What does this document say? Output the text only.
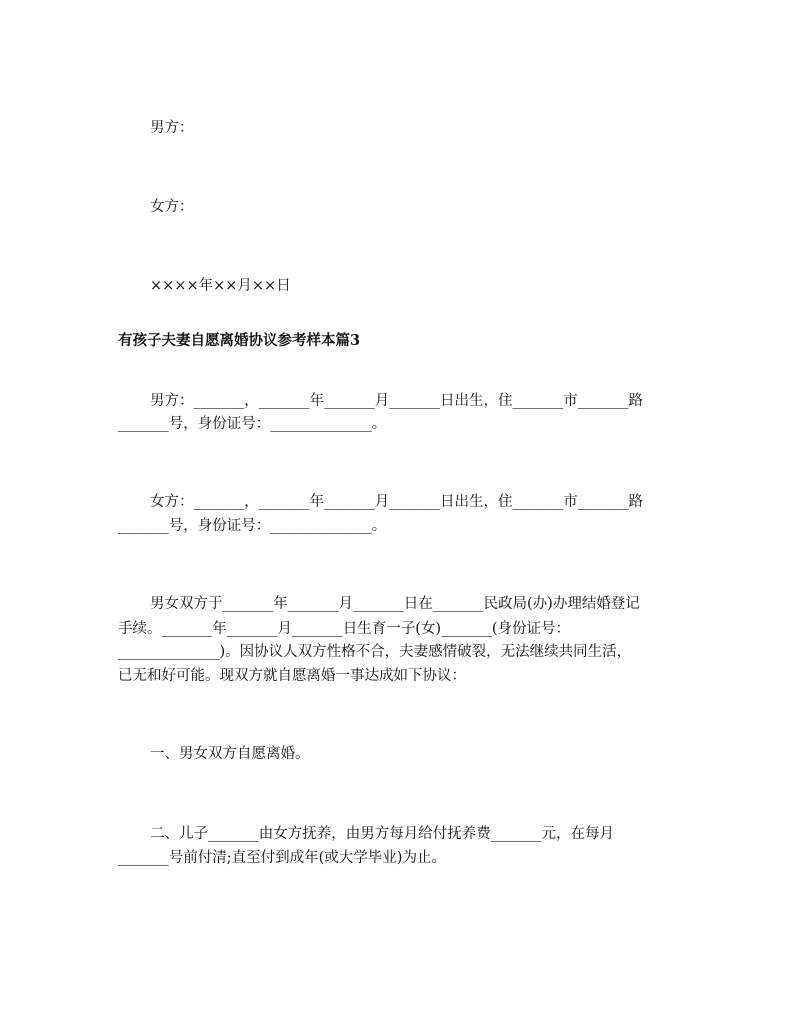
男方：
女方：
××××年××月××日
有孩子夫妻自愿离婚协议参考样本篇3
男方：_______，_______年_______月_______日出生，住_______市_______路
_______号，身份证号：______________。
女方：_______，_______年_______月_______日出生，住_______市_______路
_______号，身份证号：______________。
男女双方于_______年_______月_______日在_______民政局(办)办理结婚登记
手续。_______年_______月_______日生育一子(女)_______(身份证号：
______________)。因协议人双方性格不合，夫妻感情破裂，无法继续共同生活，
已无和好可能。现双方就自愿离婚一事达成如下协议：
一、男女双方自愿离婚。
二、儿子_______由女方抚养，由男方每月给付抚养费_______元，在每月
_______号前付清;直至付到成年(或大学毕业)为止。
